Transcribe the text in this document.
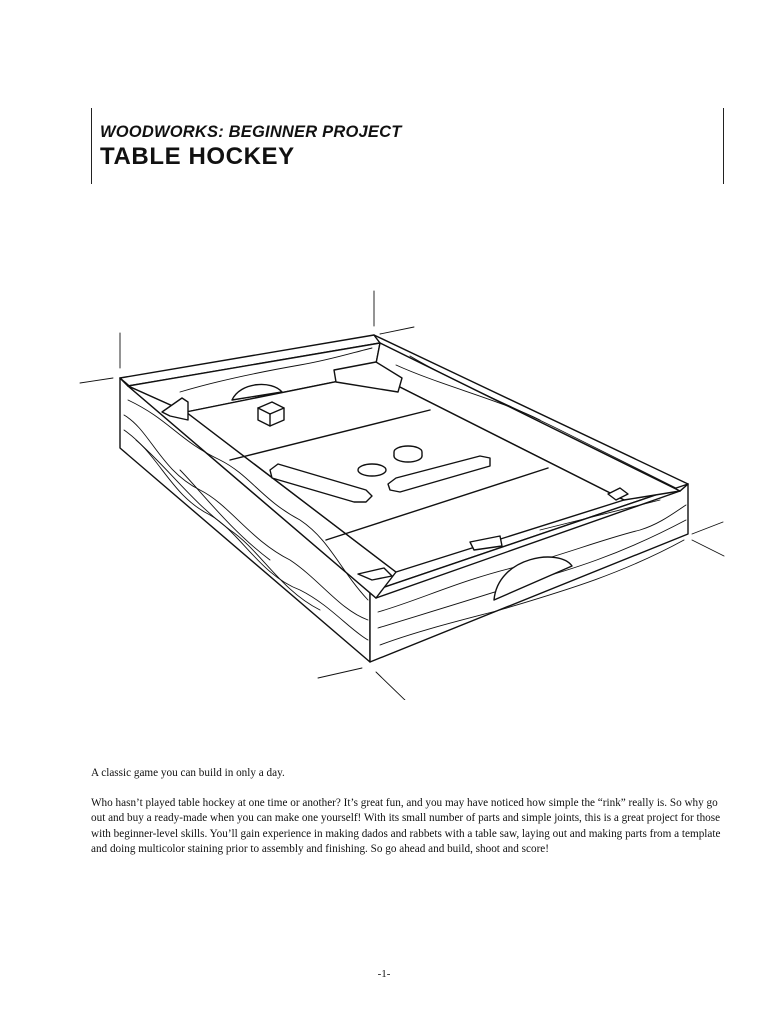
WOODWORKS: BEGINNER PROJECT
TABLE HOCKEY

A classic game you can build in only a day.

Who hasn’t played table hockey at one time or another? It’s great fun, and you may have noticed how simple the “rink” really is. So why go out and buy a ready-made when you can make one yourself! With its small number of parts and simple joints, this is a great project for those with beginner-level skills. You’ll gain experience in making dados and rabbets with a table saw, laying out and making parts from a template and doing multicolor staining prior to assembly and finishing. So go ahead and build, shoot and score!

-1-
